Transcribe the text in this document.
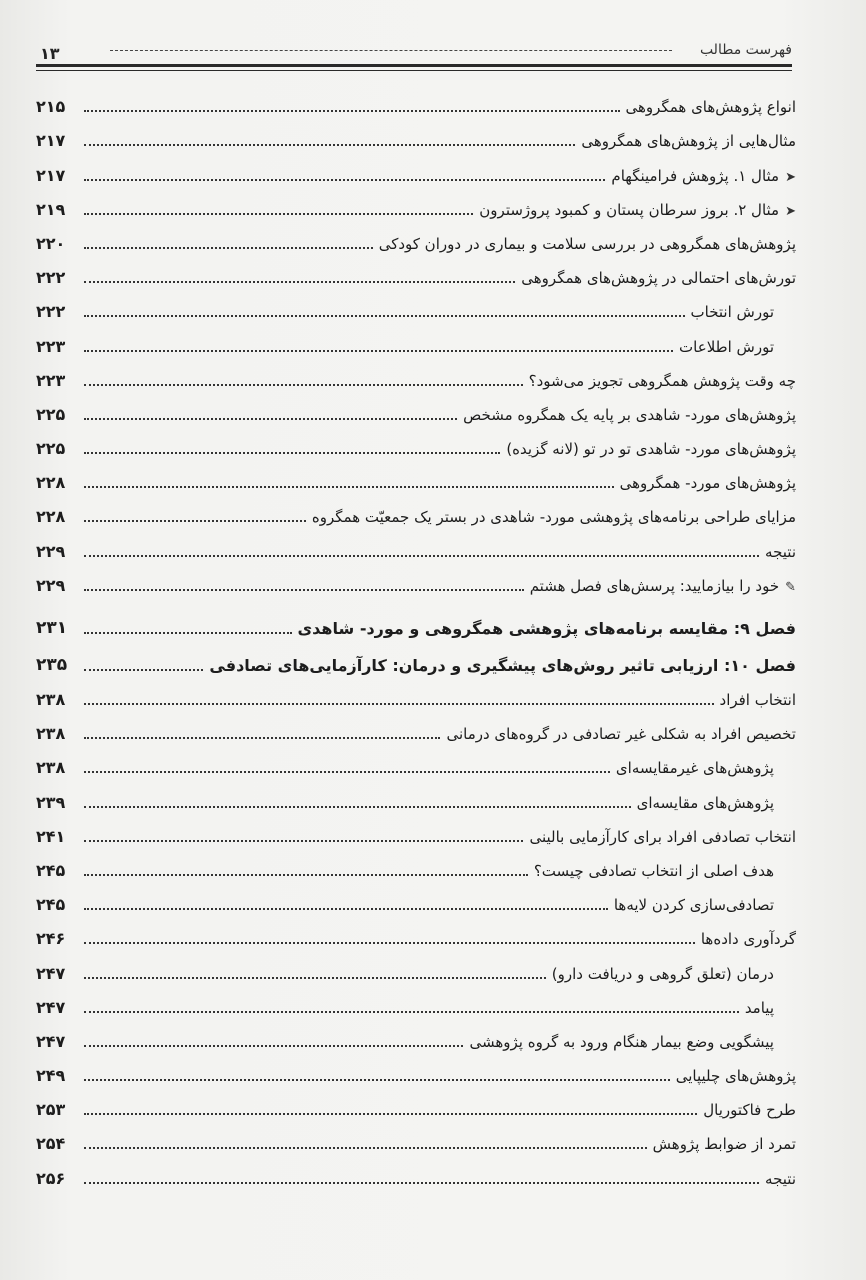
فهرست مطالب
۱۳
انواع پژوهش‌های همگروهی
۲۱۵
مثال‌هایی از پژوهش‌های همگروهی
۲۱۷
➤مثال ۱. پژوهش فرامینگهام
۲۱۷
➤مثال ۲. بروز سرطان پستان و کمبود پروژسترون
۲۱۹
پژوهش‌های همگروهی در بررسی سلامت و بیماری در دوران کودکی
۲۲۰
تورش‌های احتمالی در پژوهش‌های همگروهی
۲۲۲
تورش انتخاب
۲۲۲
تورش اطلاعات
۲۲۳
چه وقت پژوهش همگروهی تجویز می‌شود؟
۲۲۳
پژوهش‌های مورد- شاهدی بر پایه یک همگروه مشخص
۲۲۵
پژوهش‌های مورد- شاهدی تو در تو (لانه گزیده)
۲۲۵
پژوهش‌های مورد- همگروهی
۲۲۸
مزایای طراحی برنامه‌های پژوهشی مورد- شاهدی در بستر یک جمعیّت همگروه
۲۲۸
نتیجه
۲۲۹
✎خود را بیازمایید: پرسش‌های فصل هشتم
۲۲۹
فصل ۹: مقایسه برنامه‌های پژوهشی همگروهی و مورد- شاهدی
۲۳۱
فصل ۱۰: ارزیابی تاثیر روش‌های پیشگیری و درمان: کارآزمایی‌های تصادفی
۲۳۵
انتخاب افراد
۲۳۸
تخصیص افراد به شکلی غیر تصادفی در گروه‌های درمانی
۲۳۸
پژوهش‌های غیرمقایسه‌ای
۲۳۸
پژوهش‌های مقایسه‌ای
۲۳۹
انتخاب تصادفی افراد برای کارآزمایی بالینی
۲۴۱
هدف اصلی از انتخاب تصادفی چیست؟
۲۴۵
تصادفی‌سازی کردن لایه‌ها
۲۴۵
گردآوری داده‌ها
۲۴۶
درمان (تعلق گروهی و دریافت دارو)
۲۴۷
پیامد
۲۴۷
پیشگویی وضع بیمار هنگام ورود به گروه پژوهشی
۲۴۷
پژوهش‌های چلیپایی
۲۴۹
طرح فاکتوریال
۲۵۳
تمرد از ضوابط پژوهش
۲۵۴
نتیجه
۲۵۶
